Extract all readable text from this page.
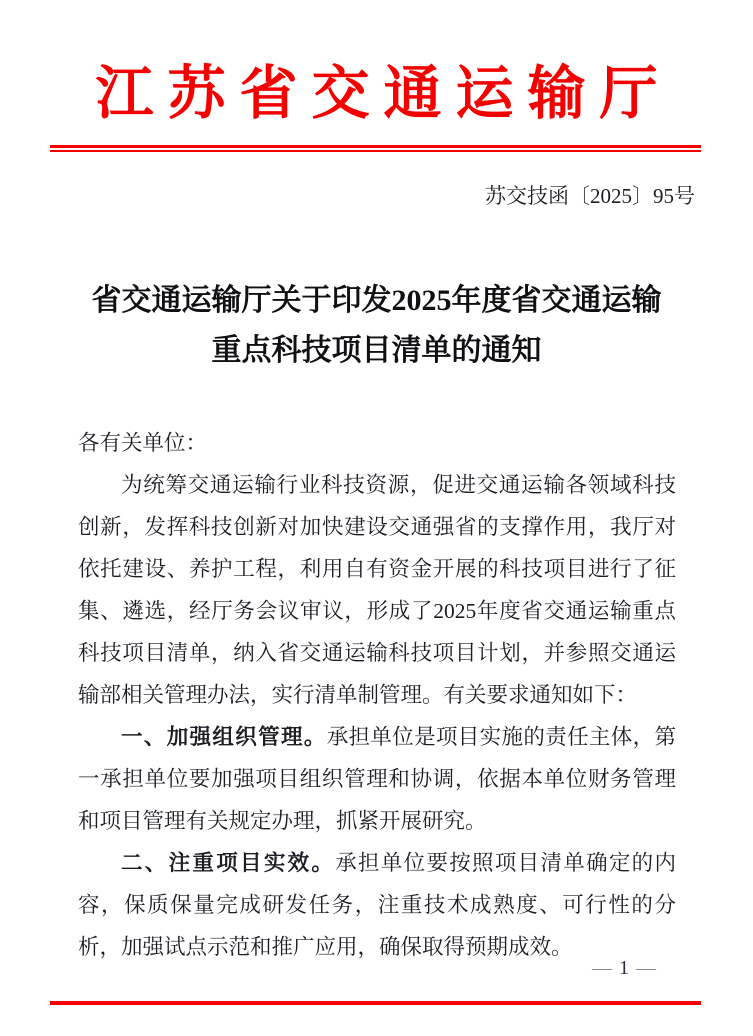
江苏省交通运输厅
苏交技函〔2025〕95号
省交通运输厅关于印发2025年度省交通运输
重点科技项目清单的通知

各有关单位：

为统筹交通运输行业科技资源，促进交通运输各领域科技创新，发挥科技创新对加快建设交通强省的支撑作用，我厅对依托建设、养护工程，利用自有资金开展的科技项目进行了征集、遴选，经厅务会议审议，形成了2025年度省交通运输重点科技项目清单，纳入省交通运输科技项目计划，并参照交通运输部相关管理办法，实行清单制管理。有关要求通知如下：

一、加强组织管理。承担单位是项目实施的责任主体，第一承担单位要加强项目组织管理和协调，依据本单位财务管理和项目管理有关规定办理，抓紧开展研究。

二、注重项目实效。承担单位要按照项目清单确定的内容，保质保量完成研发任务，注重技术成熟度、可行性的分析，加强试点示范和推广应用，确保取得预期成效。

— 1 —
